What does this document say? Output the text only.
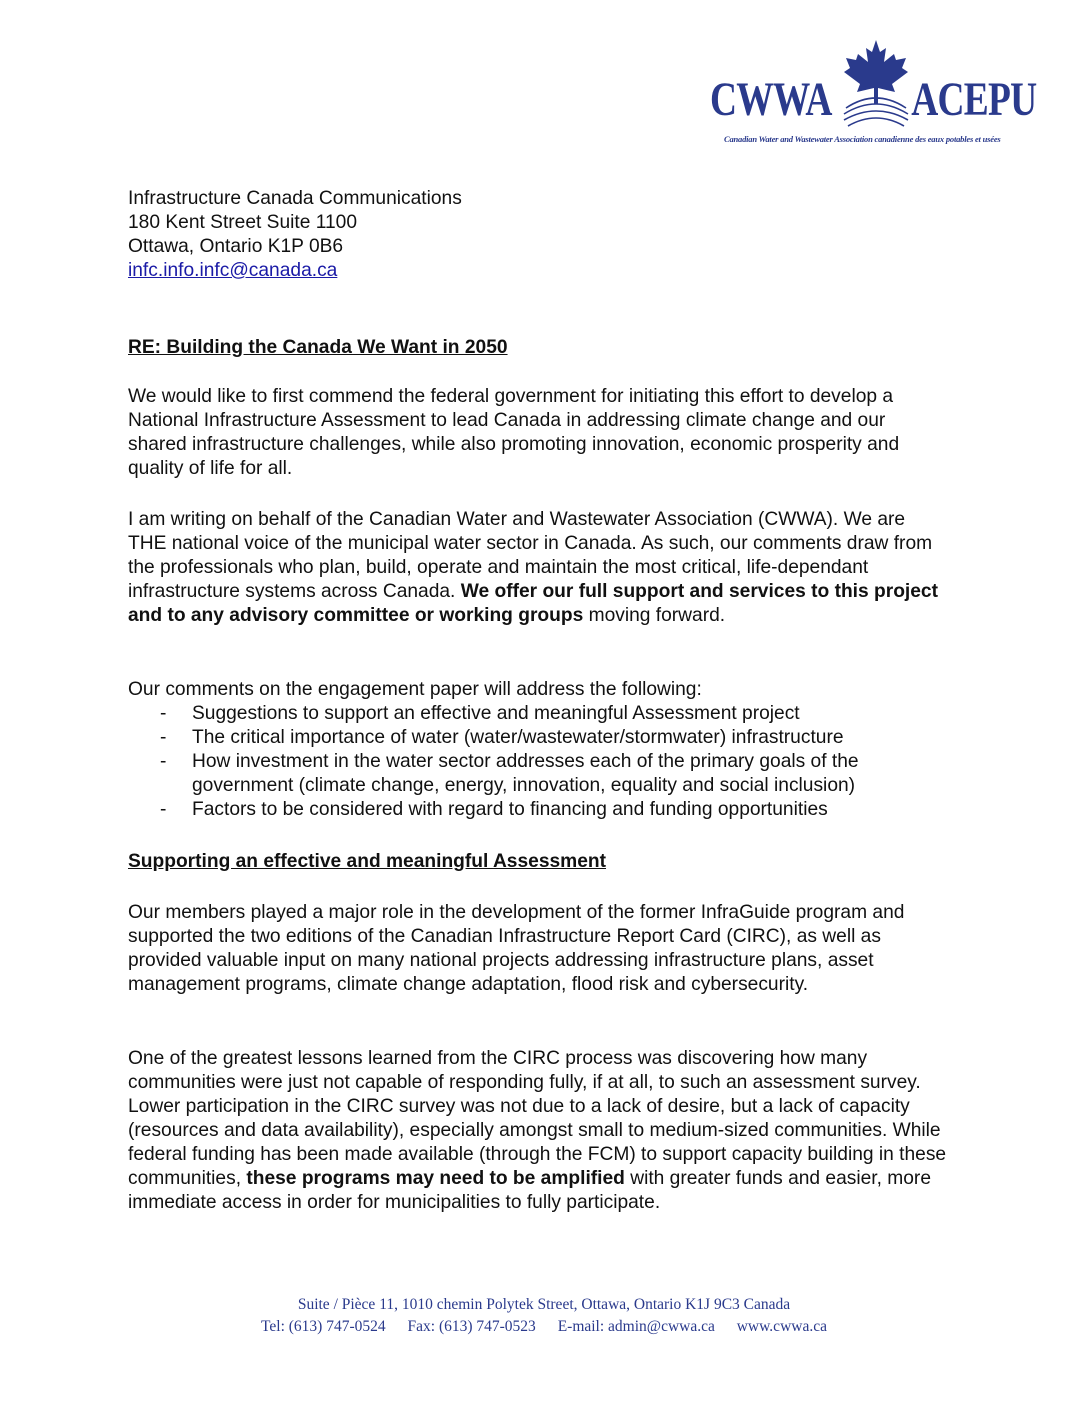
CWWA ACEPU
Canadian Water and Wastewater Association canadienne des eaux potables et usées
Infrastructure Canada Communications
180 Kent Street Suite 1100
Ottawa, Ontario K1P 0B6
infc.info.infc@canada.ca
RE: Building the Canada We Want in 2050

We would like to first commend the federal government for initiating this effort to develop a National Infrastructure Assessment to lead Canada in addressing climate change and our shared infrastructure challenges, while also promoting innovation, economic prosperity and quality of life for all.

I am writing on behalf of the Canadian Water and Wastewater Association (CWWA). We are THE national voice of the municipal water sector in Canada. As such, our comments draw from the professionals who plan, build, operate and maintain the most critical, life-dependant infrastructure systems across Canada. We offer our full support and services to this project and to any advisory committee or working groups moving forward.

Our comments on the engagement paper will address the following:

- Suggestions to support an effective and meaningful Assessment project
- The critical importance of water (water/wastewater/stormwater) infrastructure
- How investment in the water sector addresses each of the primary goals of the government (climate change, energy, innovation, equality and social inclusion)
- Factors to be considered with regard to financing and funding opportunities
Supporting an effective and meaningful Assessment

Our members played a major role in the development of the former InfraGuide program and supported the two editions of the Canadian Infrastructure Report Card (CIRC), as well as provided valuable input on many national projects addressing infrastructure plans, asset management programs, climate change adaptation, flood risk and cybersecurity.

One of the greatest lessons learned from the CIRC process was discovering how many communities were just not capable of responding fully, if at all, to such an assessment survey. Lower participation in the CIRC survey was not due to a lack of desire, but a lack of capacity (resources and data availability), especially amongst small to medium-sized communities. While federal funding has been made available (through the FCM) to support capacity building in these communities, these programs may need to be amplified with greater funds and easier, more immediate access in order for municipalities to fully participate.

Suite / Pièce 11, 1010 chemin Polytek Street, Ottawa, Ontario K1J 9C3 Canada
Tel: (613) 747-0524 Fax: (613) 747-0523 E-mail: admin@cwwa.ca www.cwwa.ca
